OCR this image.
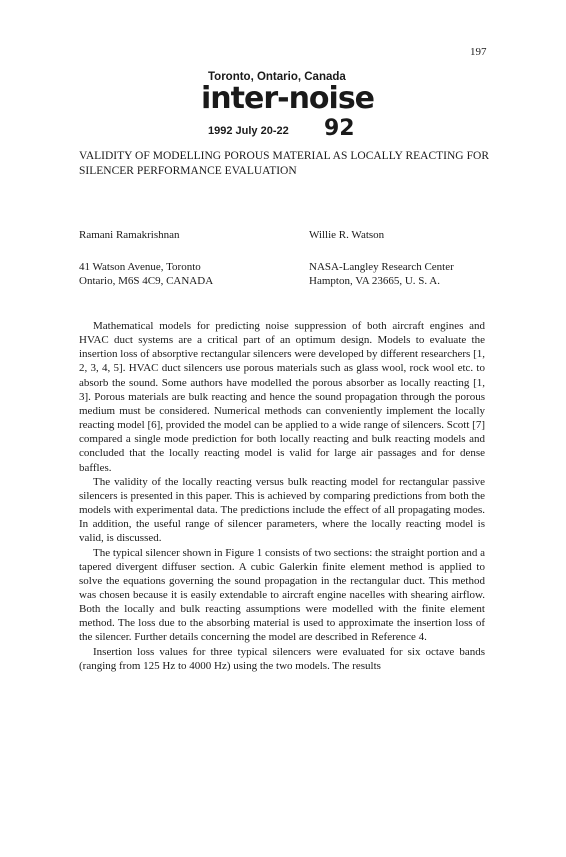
197
Toronto, Ontario, Canada
inter-noise
1992 July 20-22 92
VALIDITY OF MODELLING POROUS MATERIAL AS LOCALLY REACTING FOR SILENCER PERFORMANCE EVALUATION
Ramani Ramakrishnan
41 Watson Avenue, Toronto
Ontario, M6S 4C9, CANADA
Willie R. Watson
NASA-Langley Research Center
Hampton, VA 23665, U. S. A.

Mathematical models for predicting noise suppression of both aircraft engines and HVAC duct systems are a critical part of an optimum design. Models to evaluate the insertion loss of absorptive rectangular silencers were developed by different researchers [1, 2, 3, 4, 5]. HVAC duct silencers use porous materials such as glass wool, rock wool etc. to absorb the sound. Some authors have modelled the porous absorber as locally reacting [1, 3]. Porous materials are bulk reacting and hence the sound propagation through the porous medium must be considered. Numerical methods can conveniently implement the locally reacting model [6], provided the model can be applied to a wide range of silencers. Scott [7] compared a single mode prediction for both locally reacting and bulk reacting models and concluded that the locally reacting model is valid for large air passages and for dense baffles.

The validity of the locally reacting versus bulk reacting model for rectangular passive silencers is presented in this paper. This is achieved by comparing predictions from both the models with experimental data. The predictions include the effect of all propagating modes. In addition, the useful range of silencer parameters, where the locally reacting model is valid, is discussed.

The typical silencer shown in Figure 1 consists of two sections: the straight portion and a tapered divergent diffuser section. A cubic Galerkin finite element method is applied to solve the equations governing the sound propagation in the rectangular duct. This method was chosen because it is easily extendable to aircraft engine nacelles with shearing airflow. Both the locally and bulk reacting assumptions were modelled with the finite element method. The loss due to the absorbing material is used to approximate the insertion loss of the silencer. Further details concerning the model are described in Reference 4.

Insertion loss values for three typical silencers were evaluated for six octave bands (ranging from 125 Hz to 4000 Hz) using the two models. The results
